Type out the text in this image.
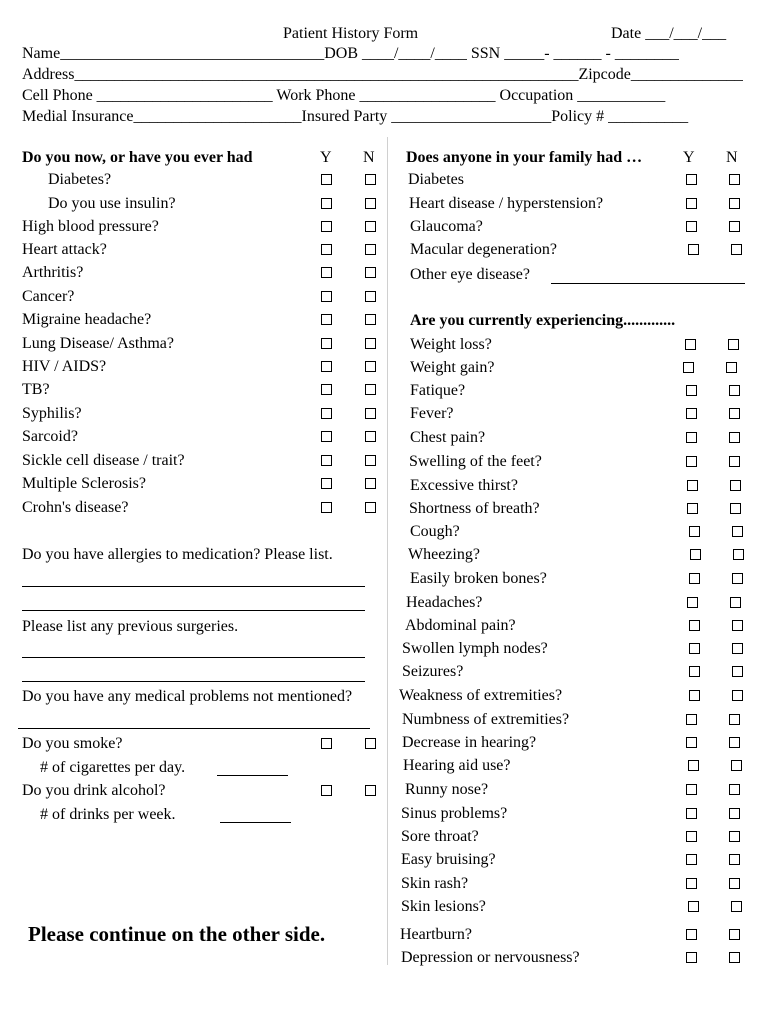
Patient History Form	Date ___/___/___
Name_________________________________DOB ____/____/____ SSN _____- ______ - ________
Address_______________________________________________________________Zipcode______________
Cell Phone ______________________ Work Phone _________________ Occupation ___________
Medial Insurance_____________________Insured Party ____________________Policy # __________
Do you now, or have you ever had	Y N
Diabetes?
Do you use insulin?
High blood pressure?
Heart attack?
Arthritis?
Cancer?
Migraine headache?
Lung Disease/ Asthma?
HIV / AIDS?
TB?
Syphilis?
Sarcoid?
Sickle cell disease / trait?
Multiple Sclerosis?
Crohn's disease?
Do you have allergies to medication? Please list.
Please list any previous surgeries.
Do you have any medical problems not mentioned?
Do you smoke?
# of cigarettes per day.
Do you drink alcohol?
# of drinks per week.
Please continue on the other side.
Does anyone in your family had …	Y N
Diabetes
Heart disease / hyperstension?
Glaucoma?
Macular degeneration?
Other eye disease?
Are you currently experiencing.............
Weight loss?
Weight gain?
Fatique?
Fever?
Chest pain?
Swelling of the feet?
Excessive thirst?
Shortness of breath?
Cough?
Wheezing?
Easily broken bones?
Headaches?
Abdominal pain?
Swollen lymph nodes?
Seizures?
Weakness of extremities?
Numbness of extremities?
Decrease in hearing?
Hearing aid use?
Runny nose?
Sinus problems?
Sore throat?
Easy bruising?
Skin rash?
Skin lesions?
Heartburn?
Depression or nervousness?
